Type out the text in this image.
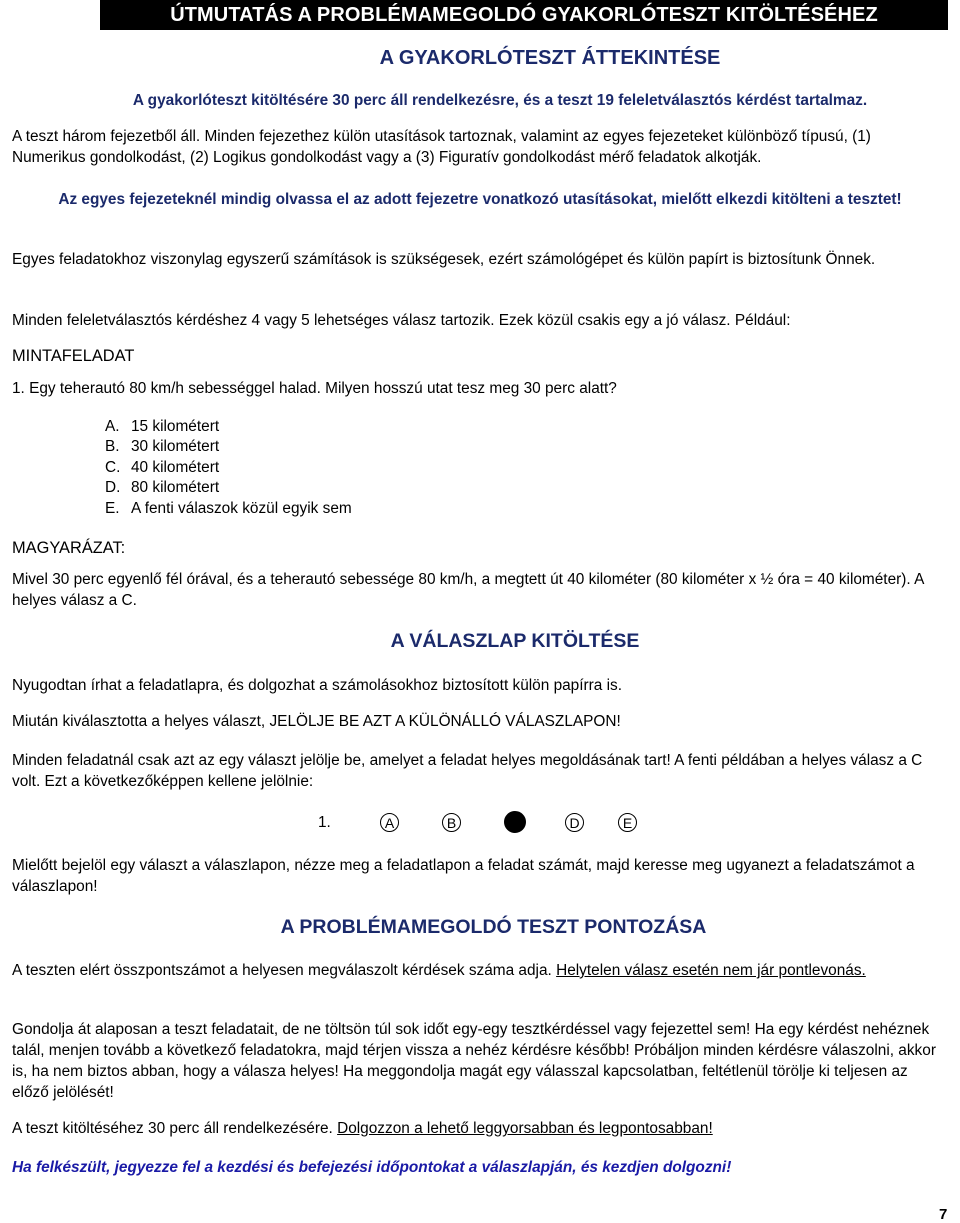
ÚTMUTATÁS A PROBLÉMAMEGOLDÓ GYAKORLÓTESZT KITÖLTÉSÉHEZ
A GYAKORLÓTESZT ÁTTEKINTÉSE

A gyakorlóteszt kitöltésére 30 perc áll rendelkezésre, és a teszt 19 feleletválasztós kérdést tartalmaz.

A teszt három fejezetből áll. Minden fejezethez külön utasítások tartoznak, valamint az egyes fejezeteket különböző típusú, (1) Numerikus gondolkodást, (2) Logikus gondolkodást vagy a (3) Figuratív gondolkodást mérő feladatok alkotják.

Az egyes fejezeteknél mindig olvassa el az adott fejezetre vonatkozó utasításokat, mielőtt elkezdi kitölteni a tesztet!

Egyes feladatokhoz viszonylag egyszerű számítások is szükségesek, ezért számológépet és külön papírt is biztosítunk Önnek.

Minden feleletválasztós kérdéshez 4 vagy 5 lehetséges válasz tartozik. Ezek közül csakis egy a jó válasz. Például:

MINTAFELADAT

1. Egy teherautó 80 km/h sebességgel halad. Milyen hosszú utat tesz meg 30 perc alatt?

A. 15 kilométert
B. 30 kilométert
C. 40 kilométert
D. 80 kilométert
E. A fenti válaszok közül egyik sem

MAGYARÁZAT:

Mivel 30 perc egyenlő fél órával, és a teherautó sebessége 80 km/h, a megtett út 40 kilométer (80 kilométer x ½ óra = 40 kilométer). A helyes válasz a C.

A VÁLASZLAP KITÖLTÉSE

Nyugodtan írhat a feladatlapra, és dolgozhat a számolásokhoz biztosított külön papírra is.

Miután kiválasztotta a helyes választ, JELÖLJE BE AZT A KÜLÖNÁLLÓ VÁLASZLAPON!

Minden feladatnál csak azt az egy választ jelölje be, amelyet a feladat helyes megoldásának tart! A fenti példában a helyes válasz a C volt. Ezt a következőképpen kellene jelölnie:

1.	A	B	D	E

Mielőtt bejelöl egy választ a válaszlapon, nézze meg a feladatlapon a feladat számát, majd keresse meg ugyanezt a feladatszámot a válaszlapon!

A PROBLÉMAMEGOLDÓ TESZT PONTOZÁSA

A teszten elért összpontszámot a helyesen megválaszolt kérdések száma adja. Helytelen válasz esetén nem jár pontlevonás.

Gondolja át alaposan a teszt feladatait, de ne töltsön túl sok időt egy-egy tesztkérdéssel vagy fejezettel sem! Ha egy kérdést nehéznek talál, menjen tovább a következő feladatokra, majd térjen vissza a nehéz kérdésre később! Próbáljon minden kérdésre válaszolni, akkor is, ha nem biztos abban, hogy a válasza helyes! Ha meggondolja magát egy válasszal kapcsolatban, feltétlenül törölje ki teljesen az előző jelölését!

A teszt kitöltéséhez 30 perc áll rendelkezésére. Dolgozzon a lehető leggyorsabban és legpontosabban!

Ha felkészült, jegyezze fel a kezdési és befejezési időpontokat a válaszlapján, és kezdjen dolgozni!

7
